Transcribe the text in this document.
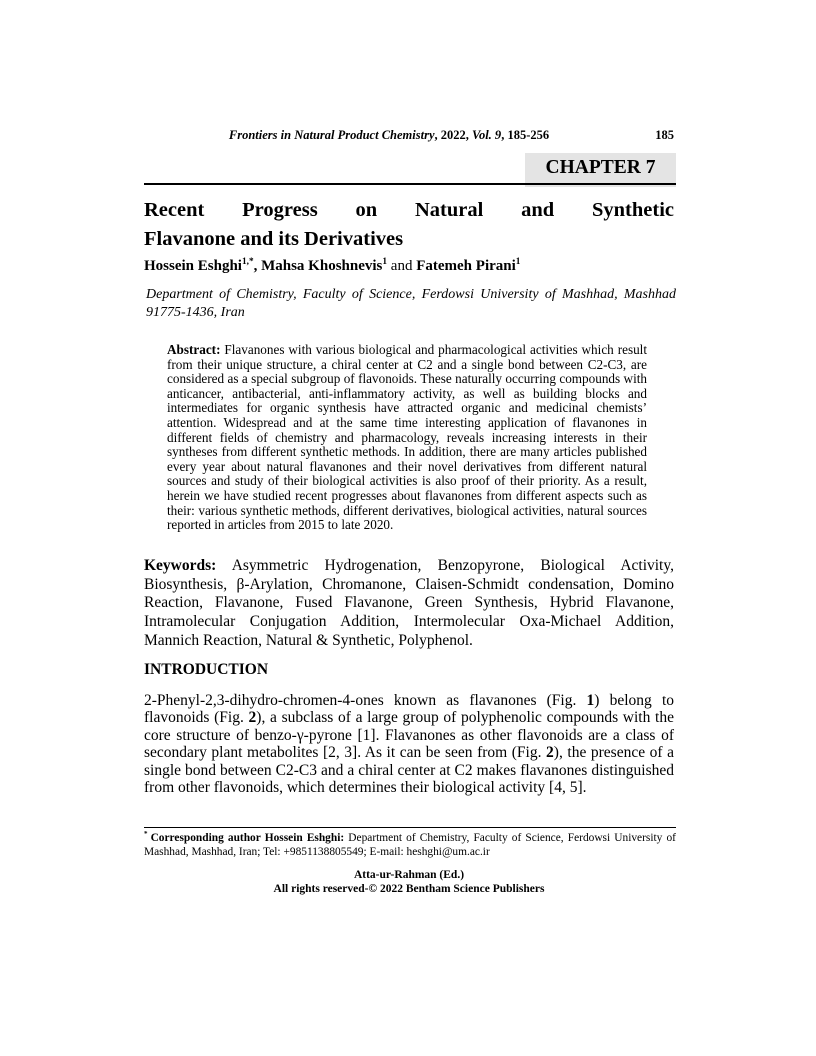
Frontiers in Natural Product Chemistry, 2022, Vol. 9, 185-256	185
CHAPTER 7
Recent Progress on Natural and Synthetic
Flavanone and its Derivatives
Hossein Eshghi$^{1,*}$, Mahsa Khoshnevis$^1$ and Fatemeh Pirani$^1$
Department of Chemistry, Faculty of Science, Ferdowsi University of Mashhad, Mashhad 91775-1436, Iran

Abstract: Flavanones with various biological and pharmacological activities which result from their unique structure, a chiral center at C2 and a single bond between C2-C3, are considered as a special subgroup of flavonoids. These naturally occurring compounds with anticancer, antibacterial, anti-inflammatory activity, as well as building blocks and intermediates for organic synthesis have attracted organic and medicinal chemists’ attention. Widespread and at the same time interesting application of flavanones in different fields of chemistry and pharmacology, reveals increasing interests in their syntheses from different synthetic methods. In addition, there are many articles published every year about natural flavanones and their novel derivatives from different natural sources and study of their biological activities is also proof of their priority. As a result, herein we have studied recent progresses about flavanones from different aspects such as their: various synthetic methods, different derivatives, biological activities, natural sources reported in articles from 2015 to late 2020.

Keywords: Asymmetric Hydrogenation, Benzopyrone, Biological Activity, Biosynthesis, β-Arylation, Chromanone, Claisen-Schmidt condensation, Domino Reaction, Flavanone, Fused Flavanone, Green Synthesis, Hybrid Flavanone, Intramolecular Conjugation Addition, Intermolecular Oxa-Michael Addition, Mannich Reaction, Natural & Synthetic, Polyphenol.

INTRODUCTION

2-Phenyl-2,3-dihydro-chromen-4-ones known as flavanones (Fig. 1) belong to flavonoids (Fig. 2), a subclass of a large group of polyphenolic compounds with the core structure of benzo-γ-pyrone [1]. Flavanones as other flavonoids are a class of secondary plant metabolites [2, 3]. As it can be seen from (Fig. 2), the presence of a single bond between C2-C3 and a chiral center at C2 makes flavanones distinguished from other flavonoids, which determines their biological activity [4, 5].

* Corresponding author Hossein Eshghi: Department of Chemistry, Faculty of Science, Ferdowsi University of Mashhad, Mashhad, Iran; Tel: +9851138805549; E-mail: heshghi@um.ac.ir

Atta-ur-Rahman (Ed.)
All rights reserved-© 2022 Bentham Science Publishers
